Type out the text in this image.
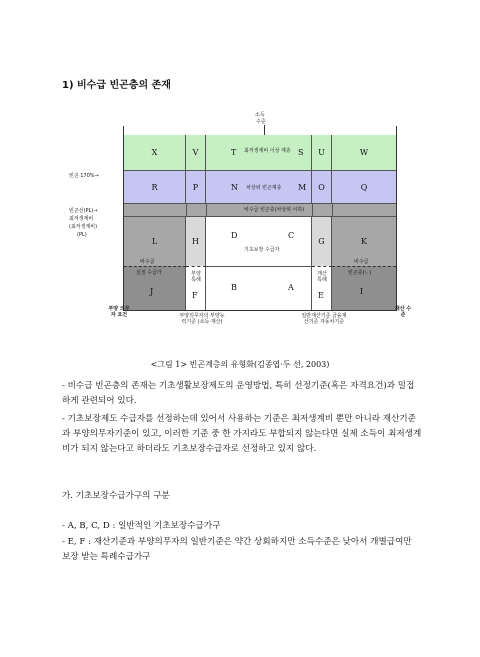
1) 비수급 빈곤층의 존재
소득
수준
X	V	T 최저생계비 이상 계층 S	U	W
R	P	N 차상위 빈곤계층 M	O	Q
비수급 빈곤층(차상위 이하)
L	H
D	C
기초보장 수급자
G	K
비수급
실질 수급가
J
부양 특례
F
B	A
재산 특례
E
비수급
빈곤층(ㄴ)
I
빈곤 170%→
빈곤선(PL)→
최저생계비
(최저생계비)
(PL)
부양 의무자 요건
재산 수준
부양의무자의 부양능력기준 (소득·재산)
일반재산기준 금융재산기준 자동차기준
<그림 1> 빈곤계층의 유형화(김종엽·두 선, 2003)
- 비수급 빈곤층의 존재는 기초생활보장제도의 운영방법, 특히 선정기준(혹은 자격요건)과 밀접하게 관련되어 있다.
- 기초보장제도 수급자를 선정하는데 있어서 사용하는 기준은 최저생계비 뿐만 아니라 재산기준과 부양의무자기준이 있고, 이러한 기준 중 한 가지라도 부합되지 않는다면 실제 소득이 최저생계비가 되지 않는다고 하더라도 기초보장수급자로 선정하고 있지 않다.
가. 기초보장수급가구의 구분
- A, B, C, D : 일반적인 기초보장수급가구
- E, F : 재산기준과 부양의무자의 일반기준은 약간 상회하지만 소득수준은 낮아서 개별급여만 보장 받는 특례수급가구
